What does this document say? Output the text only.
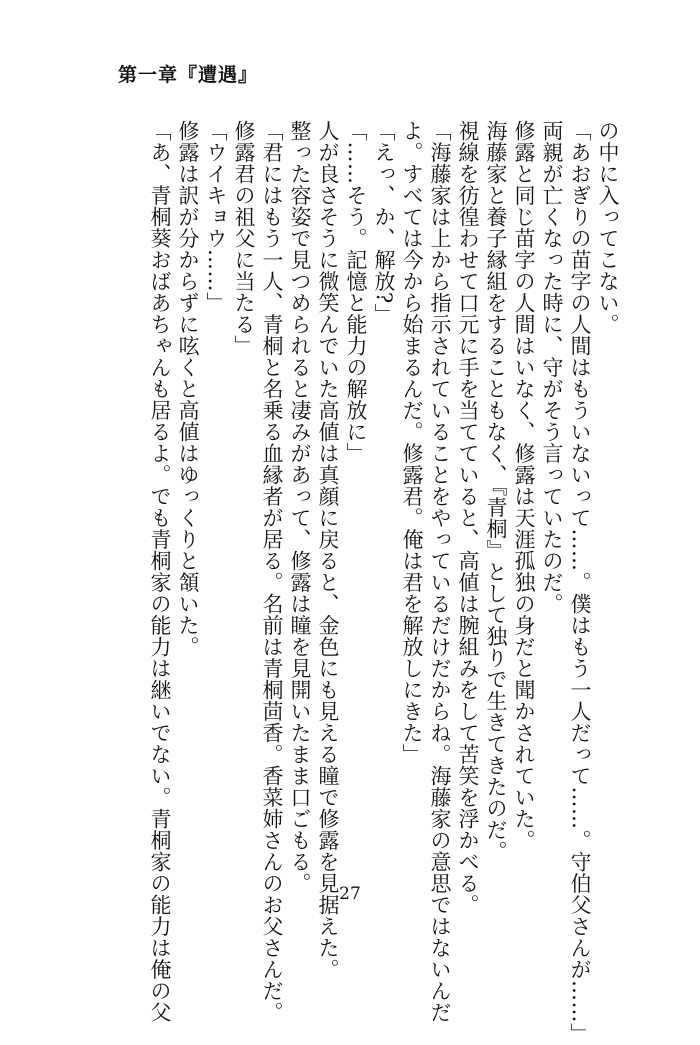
第一章『遭遇』

の中に入ってこない。

「あおぎりの苗字の人間はもういないって……。僕はもう一人だって……。守伯父さんが……」

両親が亡くなった時に、守がそう言っていたのだ。

修露と同じ苗字の人間はいなく、修露は天涯孤独の身だと聞かされていた。

海藤家と養子縁組をすることもなく、『青桐』として独りで生きてきたのだ。

視線を彷徨わせて口元に手を当てていると、高値は腕組みをして苦笑を浮かべる。

「海藤家は上から指示されていることをやっているだけだからね。海藤家の意思ではないんだ

よ。すべては今から始まるんだ。修露君。俺は君を解放しにきた」

「えっ、か、解放?」

「……そう。記憶と能力の解放に」

人が良さそうに微笑んでいた高値は真顔に戻ると、金色にも見える瞳で修露を見据えた。

整った容姿で見つめられると凄みがあって、修露は瞳を見開いたまま口ごもる。

「君にはもう一人、青桐と名乗る血縁者が居る。名前は青桐茴香。香菜姉さんのお父さんだ。

修露君の祖父に当たる」

「ウイキョウ……」

修露は訳が分からずに呟くと高値はゆっくりと頷いた。

「あ、青桐葵おばあちゃんも居るよ。でも青桐家の能力は継いでない。青桐家の能力は俺の父	27
